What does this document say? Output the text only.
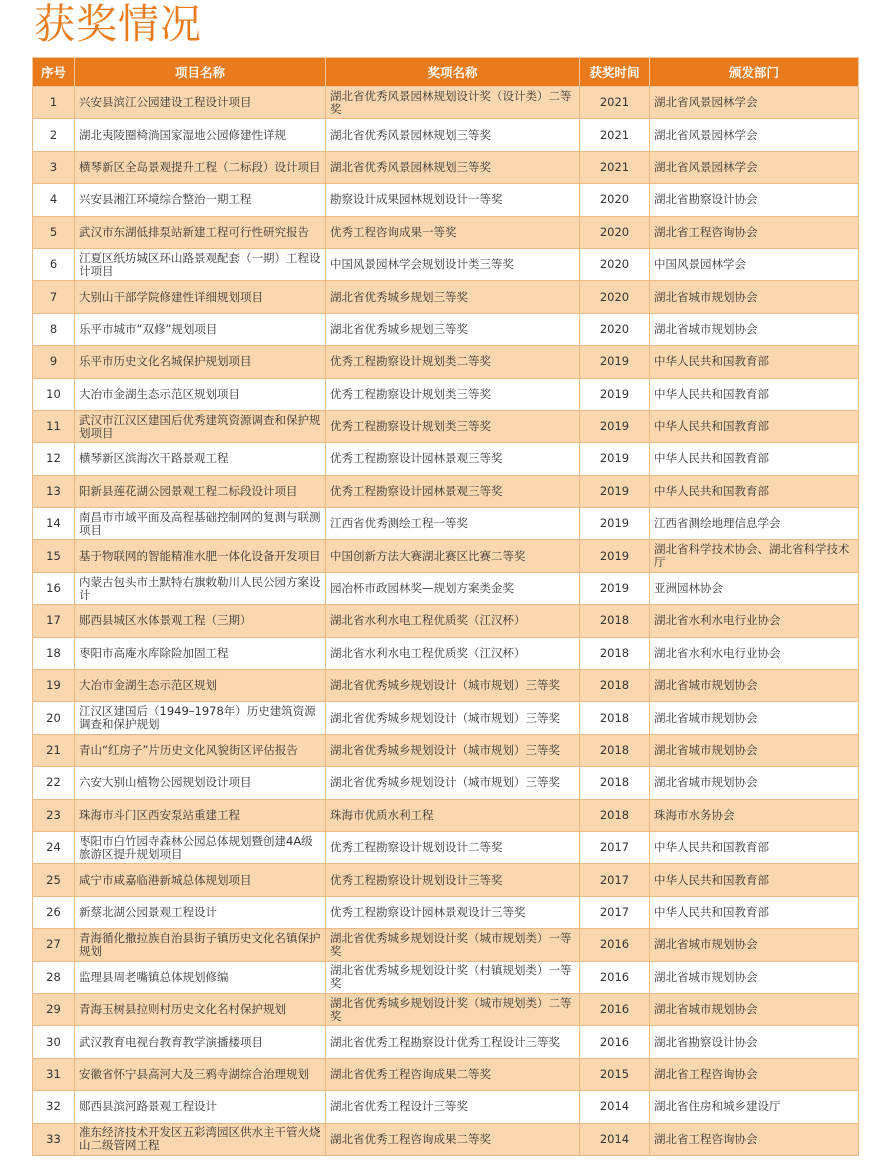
获奖情况
序号	项目名称	奖项名称	获奖时间	颁发部门
1	兴安县滨江公园建设工程设计项目	湖北省优秀风景园林规划设计奖（设计类）二等奖	2021	湖北省风景园林学会
2	湖北夷陵圈椅淌国家湿地公园修建性详规	湖北省优秀风景园林规划三等奖	2021	湖北省风景园林学会
3	横琴新区全岛景观提升工程（二标段）设计项目	湖北省优秀风景园林规划三等奖	2021	湖北省风景园林学会
4	兴安县湘江环境综合整治一期工程	勘察设计成果园林规划设计一等奖	2020	湖北省勘察设计协会
5	武汉市东湖低排泵站新建工程可行性研究报告	优秀工程咨询成果一等奖	2020	湖北省工程咨询协会
6	江夏区纸坊城区环山路景观配套（一期）工程设计项目	中国风景园林学会规划设计类三等奖	2020	中国风景园林学会
7	大别山干部学院修建性详细规划项目	湖北省优秀城乡规划三等奖	2020	湖北省城市规划协会
8	乐平市城市“双修”规划项目	湖北省优秀城乡规划三等奖	2020	湖北省城市规划协会
9	乐平市历史文化名城保护规划项目	优秀工程勘察设计规划类二等奖	2019	中华人民共和国教育部
10	大冶市金湖生态示范区规划项目	优秀工程勘察设计规划类三等奖	2019	中华人民共和国教育部
11	武汉市江汉区建国后优秀建筑资源调查和保护规划项目	优秀工程勘察设计规划类三等奖	2019	中华人民共和国教育部
12	横琴新区滨海次干路景观工程	优秀工程勘察设计园林景观三等奖	2019	中华人民共和国教育部
13	阳新县莲花湖公园景观工程二标段设计项目	优秀工程勘察设计园林景观三等奖	2019	中华人民共和国教育部
14	南昌市市域平面及高程基础控制网的复测与联测项目	江西省优秀测绘工程一等奖	2019	江西省测绘地理信息学会
15	基于物联网的智能精准水肥一体化设备开发项目	中国创新方法大赛湖北赛区比赛二等奖	2019	湖北省科学技术协会、湖北省科学技术厅
16	内蒙古包头市土默特右旗敕勒川人民公园方案设计	园冶杯市政园林奖—规划方案类金奖	2019	亚洲园林协会
17	郧西县城区水体景观工程（三期）	湖北省水利水电工程优质奖（江汉杯）	2018	湖北省水利水电行业协会
18	枣阳市高庵水库除险加固工程	湖北省水利水电工程优质奖（江汉杯）	2018	湖北省水利水电行业协会
19	大冶市金湖生态示范区规划	湖北省优秀城乡规划设计（城市规划）三等奖	2018	湖北省城市规划协会
20	江汉区建国后（1949–1978年）历史建筑资源调查和保护规划	湖北省优秀城乡规划设计（城市规划）三等奖	2018	湖北省城市规划协会
21	青山“红房子”片历史文化风貌街区评估报告	湖北省优秀城乡规划设计（城市规划）三等奖	2018	湖北省城市规划协会
22	六安大别山植物公园规划设计项目	湖北省优秀城乡规划设计（城市规划）三等奖	2018	湖北省城市规划协会
23	珠海市斗门区西安泵站重建工程	珠海市优质水利工程	2018	珠海市水务协会
24	枣阳市白竹园寺森林公园总体规划暨创建4A级旅游区提升规划项目	优秀工程勘察设计规划设计二等奖	2017	中华人民共和国教育部
25	咸宁市咸嘉临港新城总体规划项目	优秀工程勘察设计规划设计三等奖	2017	中华人民共和国教育部
26	新蔡北湖公园景观工程设计	优秀工程勘察设计园林景观设计三等奖	2017	中华人民共和国教育部
27	青海循化撒拉族自治县街子镇历史文化名镇保护规划	湖北省优秀城乡规划设计奖（城市规划类）一等奖	2016	湖北省城市规划协会
28	监理县周老嘴镇总体规划修编	湖北省优秀城乡规划设计奖（村镇规划类）一等奖	2016	湖北省城市规划协会
29	青海玉树县拉则村历史文化名村保护规划	湖北省优秀城乡规划设计奖（城市规划类）二等奖	2016	湖北省城市规划协会
30	武汉教育电视台教育教学演播楼项目	湖北省优秀工程勘察设计优秀工程设计三等奖	2016	湖北省勘察设计协会
31	安徽省怀宁县高河大及三鸦寺湖综合治理规划	湖北省优秀工程咨询成果二等奖	2015	湖北省工程咨询协会
32	郧西县滨河路景观工程设计	湖北省优秀工程设计三等奖	2014	湖北省住房和城乡建设厅
33	准东经济技术开发区五彩湾园区供水主干管火烧山二级管网工程	湖北省优秀工程咨询成果二等奖	2014	湖北省工程咨询协会
